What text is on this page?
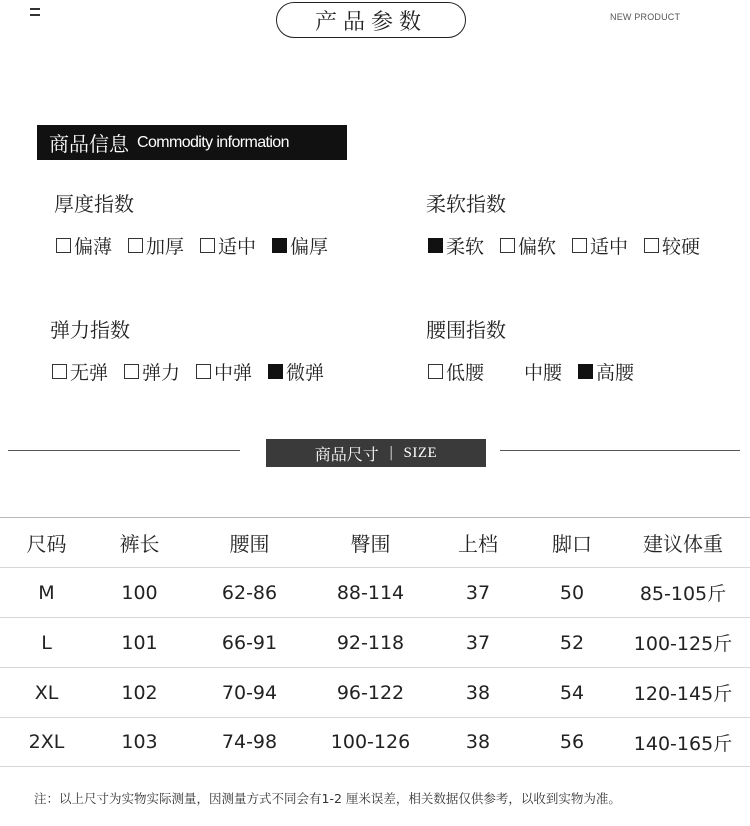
产品参数	NEW PRODUCT
商品信息 Commodity information
厚度指数
偏薄 加厚 适中 偏厚
柔软指数
柔软 偏软 适中 较硬
弹力指数
无弹 弹力 中弹 微弹
腰围指数
低腰 中腰 高腰
商品尺寸 | SIZE
尺码	裤长	腰围	臀围	上档	脚口	建议体重
M	100	62-86	88-114	37	50	85-105斤
L	101	66-91	92-118	37	52	100-125斤
XL	102	70-94	96-122	38	54	120-145斤
2XL	103	74-98	100-126	38	56	140-165斤
注：以上尺寸为实物实际测量，因测量方式不同会有1-2 厘米误差，相关数据仅供参考，以收到实物为准。
